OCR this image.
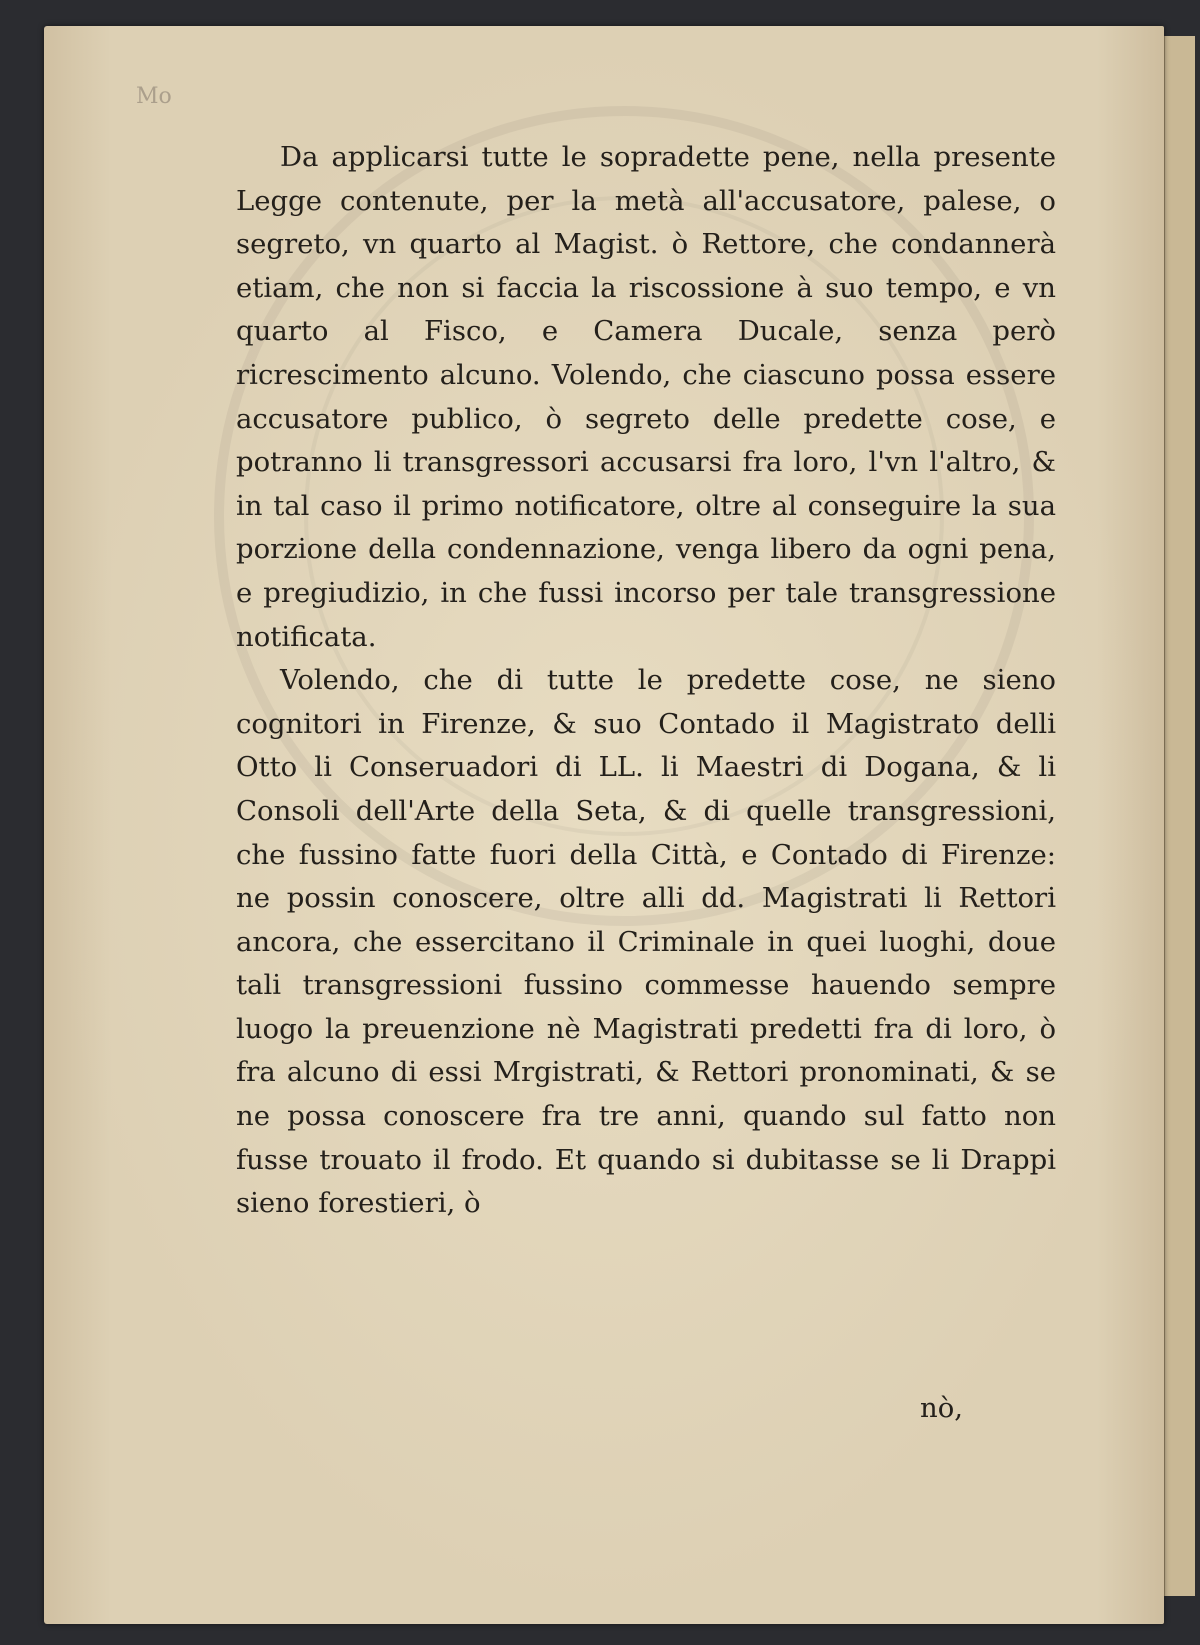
Mo

Da applicarsi tutte le sopradette pene, nella presente Legge contenute, per la metà all'accusatore, palese, o segreto, vn quarto al Magist. ò Rettore, che condannerà etiam, che non si faccia la riscossione à suo tempo, e vn quarto al Fisco, e Camera Ducale, senza però ricrescimento alcuno. Volendo, che ciascuno possa essere accusatore publico, ò segreto delle predette cose, e potranno li transgressori accusarsi fra loro, l'vn l'altro, & in tal caso il primo notificatore, oltre al conseguire la sua porzione della condennazione, venga libero da ogni pena, e pregiudizio, in che fussi incorso per tale transgressione notificata.

Volendo, che di tutte le predette cose, ne sieno cognitori in Firenze, & suo Contado il Magistrato delli Otto li Conseruadori di LL. li Maestri di Dogana, & li Consoli dell'Arte della Seta, & di quelle transgressioni, che fussino fatte fuori della Città, e Contado di Firenze: ne possin conoscere, oltre alli dd. Magistrati li Rettori ancora, che essercitano il Criminale in quei luoghi, doue tali transgressioni fussino commesse hauendo sempre luogo la preuenzione nè Magistrati predetti fra di loro, ò fra alcuno di essi Mrgistrati, & Rettori pronominati, & se ne possa conoscere fra tre anni, quando sul fatto non fusse trouato il frodo. Et quando si dubitasse se li Drappi sieno forestieri, ò

nò,
